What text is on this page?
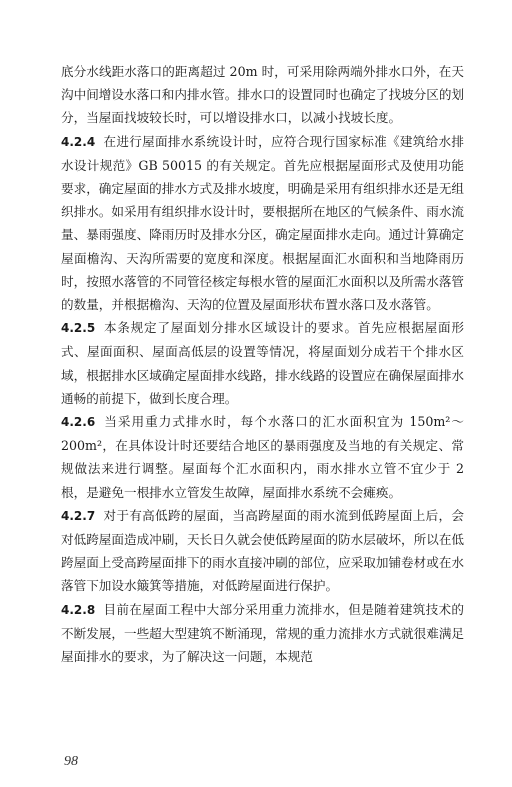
底分水线距水落口的距离超过 20m 时，可采用除两端外排水口外，在天沟中间增设水落口和内排水管。排水口的设置同时也确定了找坡分区的划分，当屋面找坡较长时，可以增设排水口，以减小找坡长度。

4.2.4 在进行屋面排水系统设计时，应符合现行国家标准《建筑给水排水设计规范》GB 50015 的有关规定。首先应根据屋面形式及使用功能要求，确定屋面的排水方式及排水坡度，明确是采用有组织排水还是无组织排水。如采用有组织排水设计时，要根据所在地区的气候条件、雨水流量、暴雨强度、降雨历时及排水分区，确定屋面排水走向。通过计算确定屋面檐沟、天沟所需要的宽度和深度。根据屋面汇水面积和当地降雨历时，按照水落管的不同管径核定每根水管的屋面汇水面积以及所需水落管的数量，并根据檐沟、天沟的位置及屋面形状布置水落口及水落管。

4.2.5 本条规定了屋面划分排水区域设计的要求。首先应根据屋面形式、屋面面积、屋面高低层的设置等情况，将屋面划分成若干个排水区域，根据排水区域确定屋面排水线路，排水线路的设置应在确保屋面排水通畅的前提下，做到长度合理。

4.2.6 当采用重力式排水时，每个水落口的汇水面积宜为 150m²～200m²，在具体设计时还要结合地区的暴雨强度及当地的有关规定、常规做法来进行调整。屋面每个汇水面积内，雨水排水立管不宜少于 2 根，是避免一根排水立管发生故障，屋面排水系统不会瘫痪。

4.2.7 对于有高低跨的屋面，当高跨屋面的雨水流到低跨屋面上后，会对低跨屋面造成冲刷，天长日久就会使低跨屋面的防水层破坏，所以在低跨屋面上受高跨屋面排下的雨水直接冲刷的部位，应采取加铺卷材或在水落管下加设水簸箕等措施，对低跨屋面进行保护。

4.2.8 目前在屋面工程中大部分采用重力流排水，但是随着建筑技术的不断发展，一些超大型建筑不断涌现，常规的重力流排水方式就很难满足屋面排水的要求，为了解决这一问题，本规范

98
